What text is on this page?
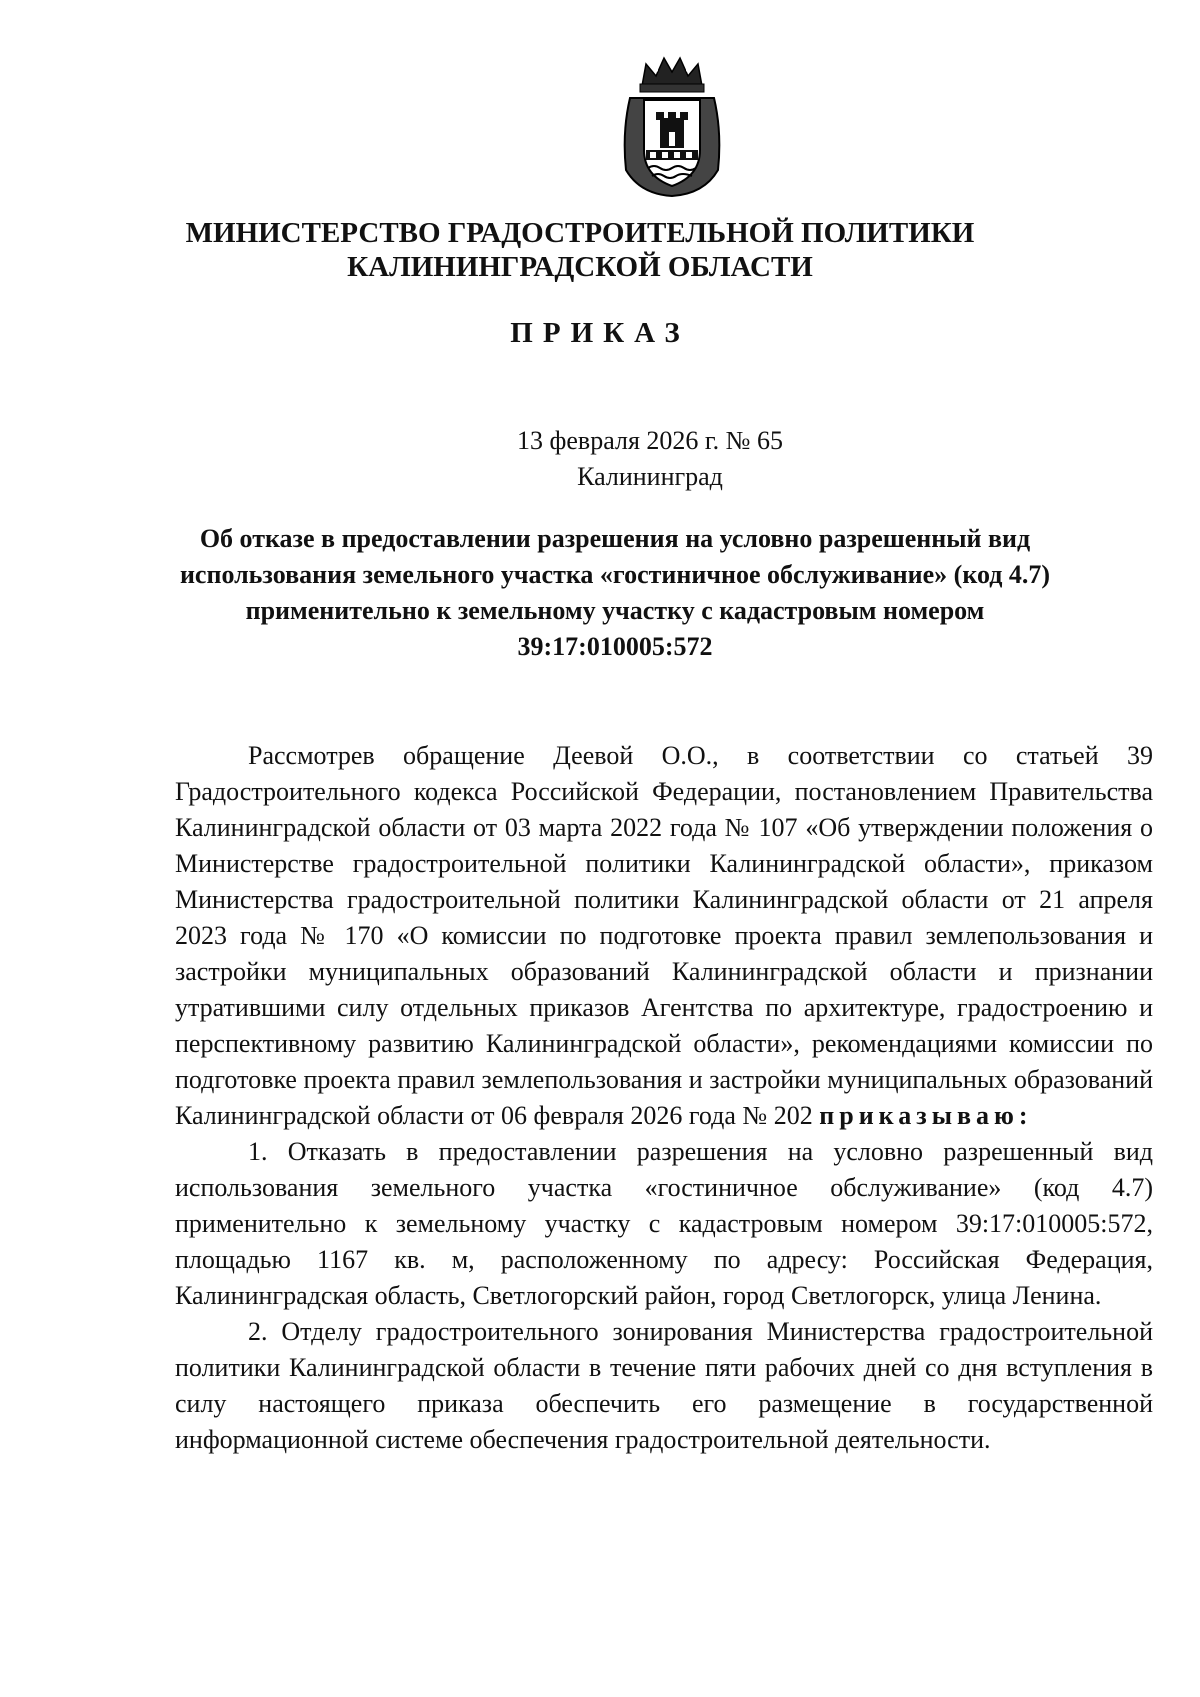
МИНИСТЕРСТВО ГРАДОСТРОИТЕЛЬНОЙ ПОЛИТИКИ
КАЛИНИНГРАДСКОЙ ОБЛАСТИ
ПРИКАЗ
13 февраля 2026 г. № 65
Калининград
Об отказе в предоставлении разрешения на условно разрешенный вид
использования земельного участка «гостиничное обслуживание» (код 4.7)
применительно к земельному участку с кадастровым номером
39:17:010005:572

Рассмотрев обращение Деевой О.О., в соответствии со статьей 39 Градостроительного кодекса Российской Федерации, постановлением Правительства Калининградской области от 03 марта 2022 года № 107 «Об утверждении положения о Министерстве градостроительной политики Калининградской области», приказом Министерства градостроительной политики Калининградской области от 21 апреля 2023 года № 170 «О комиссии по подготовке проекта правил землепользования и застройки муниципальных образований Калининградской области и признании утратившими силу отдельных приказов Агентства по архитектуре, градостроению и перспективному развитию Калининградской области», рекомендациями комиссии по подготовке проекта правил землепользования и застройки муниципальных образований Калининградской области от 06 февраля 2026 года № 202 приказываю:

1. Отказать в предоставлении разрешения на условно разрешенный вид использования земельного участка «гостиничное обслуживание» (код 4.7) применительно к земельному участку с кадастровым номером 39:17:010005:572, площадью 1167 кв. м, расположенному по адресу: Российская Федерация, Калининградская область, Светлогорский район, город Светлогорск, улица Ленина.

2. Отделу градостроительного зонирования Министерства градостроительной политики Калининградской области в течение пяти рабочих дней со дня вступления в силу настоящего приказа обеспечить его размещение в государственной информационной системе обеспечения градостроительной деятельности.
